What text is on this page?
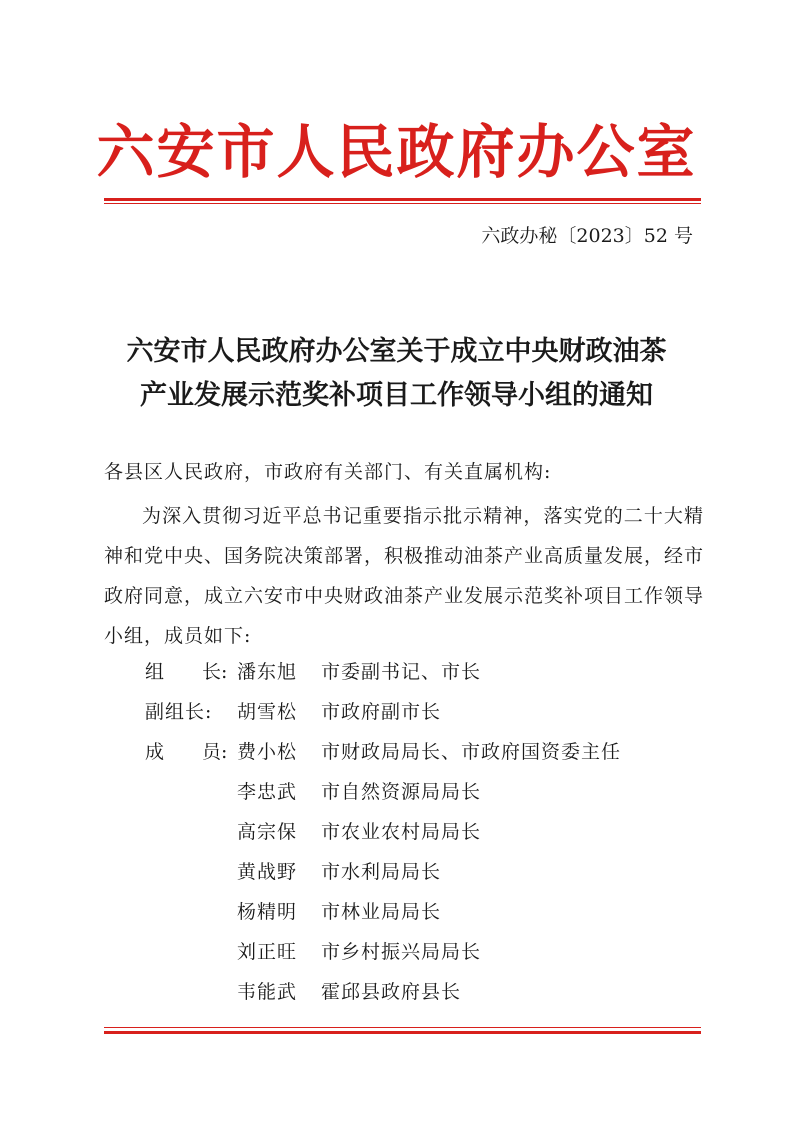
六安市人民政府办公室
六政办秘〔2023〕52 号
六安市人民政府办公室关于成立中央财政油茶
产业发展示范奖补项目工作领导小组的通知
各县区人民政府，市政府有关部门、有关直属机构:
为深入贯彻习近平总书记重要指示批示精神，落实党的二十大精神和党中央、国务院决策部署，积极推动油茶产业高质量发展，经市政府同意，成立六安市中央财政油茶产业发展示范奖补项目工作领导小组，成员如下:
组 长: 潘东旭	市委副书记、市长
副组长:	胡雪松	市政府副市长
成 员: 费小松	市财政局局长、市政府国资委主任
李忠武	市自然资源局局长
高宗保	市农业农村局局长
黄战野	市水利局局长
杨精明	市林业局局长
刘正旺	市乡村振兴局局长
韦能武	霍邱县政府县长
